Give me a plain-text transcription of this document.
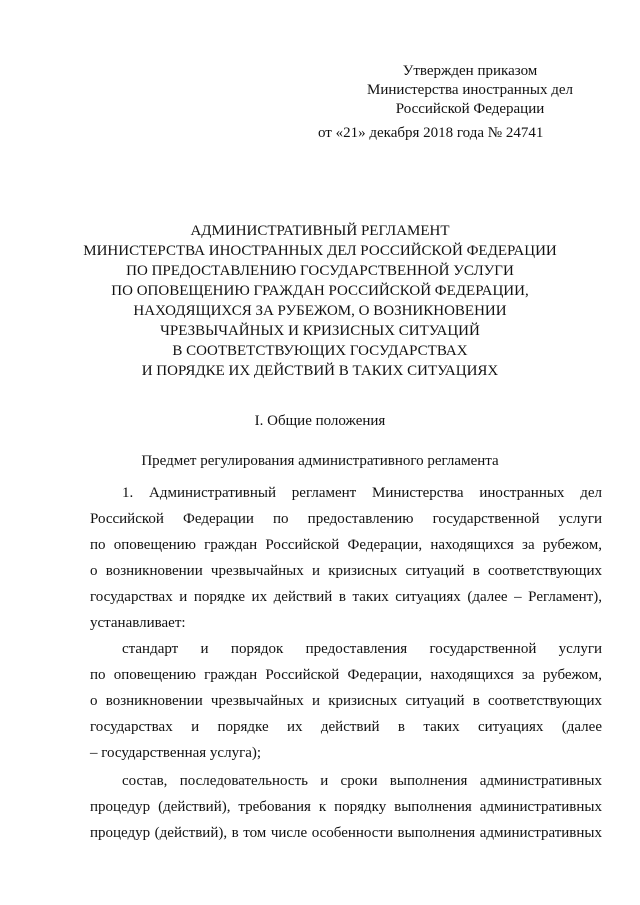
Утвержден приказом
Министерства иностранных дел
Российской Федерации
от «21» декабря 2018 года № 24741
АДМИНИСТРАТИВНЫЙ РЕГЛАМЕНТ
МИНИСТЕРСТВА ИНОСТРАННЫХ ДЕЛ РОССИЙСКОЙ ФЕДЕРАЦИИ
ПО ПРЕДОСТАВЛЕНИЮ ГОСУДАРСТВЕННОЙ УСЛУГИ
ПО ОПОВЕЩЕНИЮ ГРАЖДАН РОССИЙСКОЙ ФЕДЕРАЦИИ,
НАХОДЯЩИХСЯ ЗА РУБЕЖОМ, О ВОЗНИКНОВЕНИИ
ЧРЕЗВЫЧАЙНЫХ И КРИЗИСНЫХ СИТУАЦИЙ
В СООТВЕТСТВУЮЩИХ ГОСУДАРСТВАХ
И ПОРЯДКЕ ИХ ДЕЙСТВИЙ В ТАКИХ СИТУАЦИЯХ
I. Общие положения
Предмет регулирования административного регламента
1. Административный регламент Министерства иностранных дел
Российской Федерации по предоставлению государственной услуги
по оповещению граждан Российской Федерации, находящихся за рубежом,
о возникновении чрезвычайных и кризисных ситуаций в соответствующих
государствах и порядке их действий в таких ситуациях (далее – Регламент),
устанавливает:
стандарт и порядок предоставления государственной услуги
по оповещению граждан Российской Федерации, находящихся за рубежом,
о возникновении чрезвычайных и кризисных ситуаций в соответствующих
государствах и порядке их действий в таких ситуациях (далее
– государственная услуга);
состав, последовательность и сроки выполнения административных
процедур (действий), требования к порядку выполнения административных
процедур (действий), в том числе особенности выполнения административных
